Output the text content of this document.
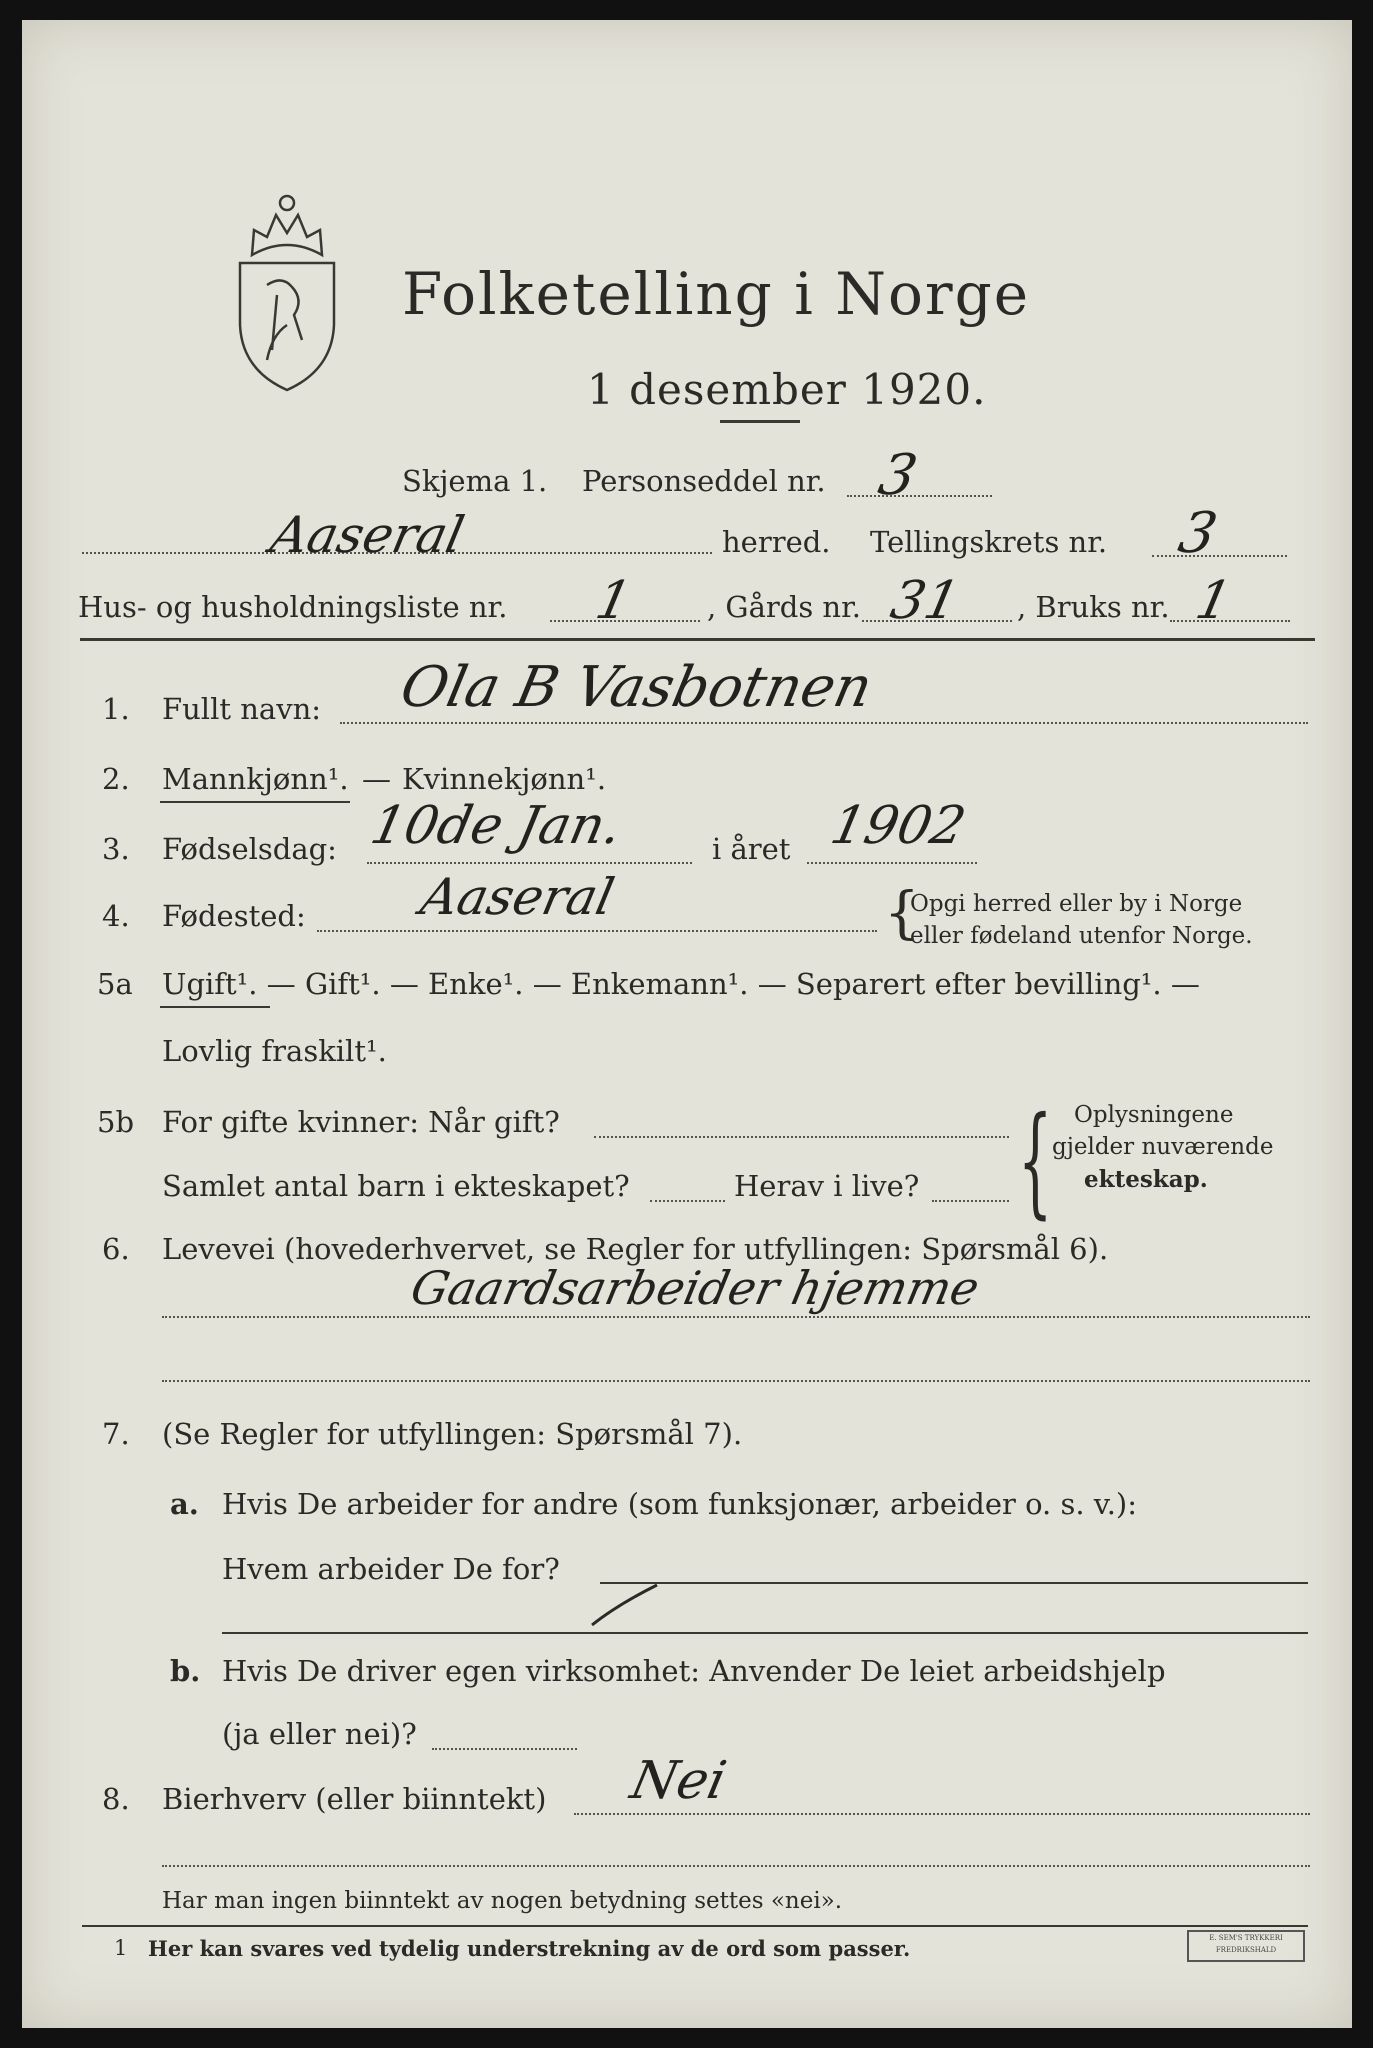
Folketelling i Norge
1 desember 1920.
Skjema 1. Personseddel nr. 3
Aaseral	herred. Tellingskrets nr. 3
Hus- og husholdningsliste nr. 1 , Gårds nr. 31 , Bruks nr. 1
1. Fullt navn: Ola B Vasbotnen
2. Mannkjønn¹. — Kvinnekjønn¹.
3. Fødselsdag: 10de Jan.	i året 1902
4. Fødested: Aaseral	{
Opgi herred eller by i Norge
eller fødeland utenfor Norge.
5a Ugift¹. — Gift¹. — Enke¹. — Enkemann¹. — Separert efter bevilling¹. —
Lovlig fraskilt¹.
5b For gifte kvinner: Når gift?
Samlet antal barn i ekteskapet?	Herav i live? { Oplysningene
gjelder nuværende
ekteskap.
6. Levevei (hovederhvervet, se Regler for utfyllingen: Spørsmål 6).
Gaardsarbeider hjemme
7. (Se Regler for utfyllingen: Spørsmål 7).
a. Hvis De arbeider for andre (som funksjonær, arbeider o. s. v.):
Hvem arbeider De for?
b. Hvis De driver egen virksomhet: Anvender De leiet arbeidshjelp
(ja eller nei)?
8. Bierhverv (eller biinntekt) Nei
Har man ingen biinntekt av nogen betydning settes «nei».
1 Her kan svares ved tydelig understrekning av de ord som passer.	E. SEM'S TRYKKERI FREDRIKSHALD
